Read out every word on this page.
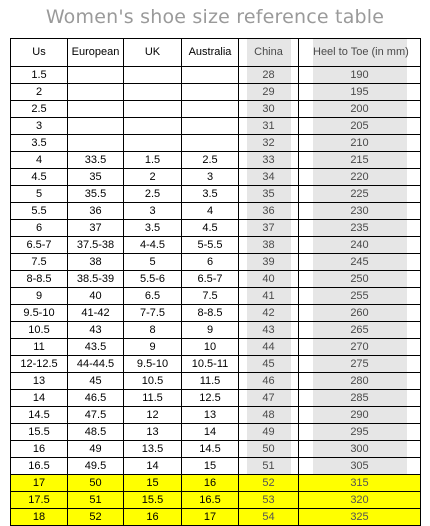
Women's shoe size reference table
Us	European	UK	Australia	China	Heel to Toe (in mm)
1.5				28	190
2				29	195
2.5				30	200
3				31	205
3.5				32	210
4	33.5	1.5	2.5	33	215
4.5	35	2	3	34	220
5	35.5	2.5	3.5	35	225
5.5	36	3	4	36	230
6	37	3.5	4.5	37	235
6.5-7	37.5-38	4-4.5	5-5.5	38	240
7.5	38	5	6	39	245
8-8.5	38.5-39	5.5-6	6.5-7	40	250
9	40	6.5	7.5	41	255
9.5-10	41-42	7-7.5	8-8.5	42	260
10.5	43	8	9	43	265
11	43.5	9	10	44	270
12-12.5	44-44.5	9.5-10	10.5-11	45	275
13	45	10.5	11.5	46	280
14	46.5	11.5	12.5	47	285
14.5	47.5	12	13	48	290
15.5	48.5	13	14	49	295
16	49	13.5	14.5	50	300
16.5	49.5	14	15	51	305
17	50	15	16	52	315
17.5	51	15.5	16.5	53	320
18	52	16	17	54	325
